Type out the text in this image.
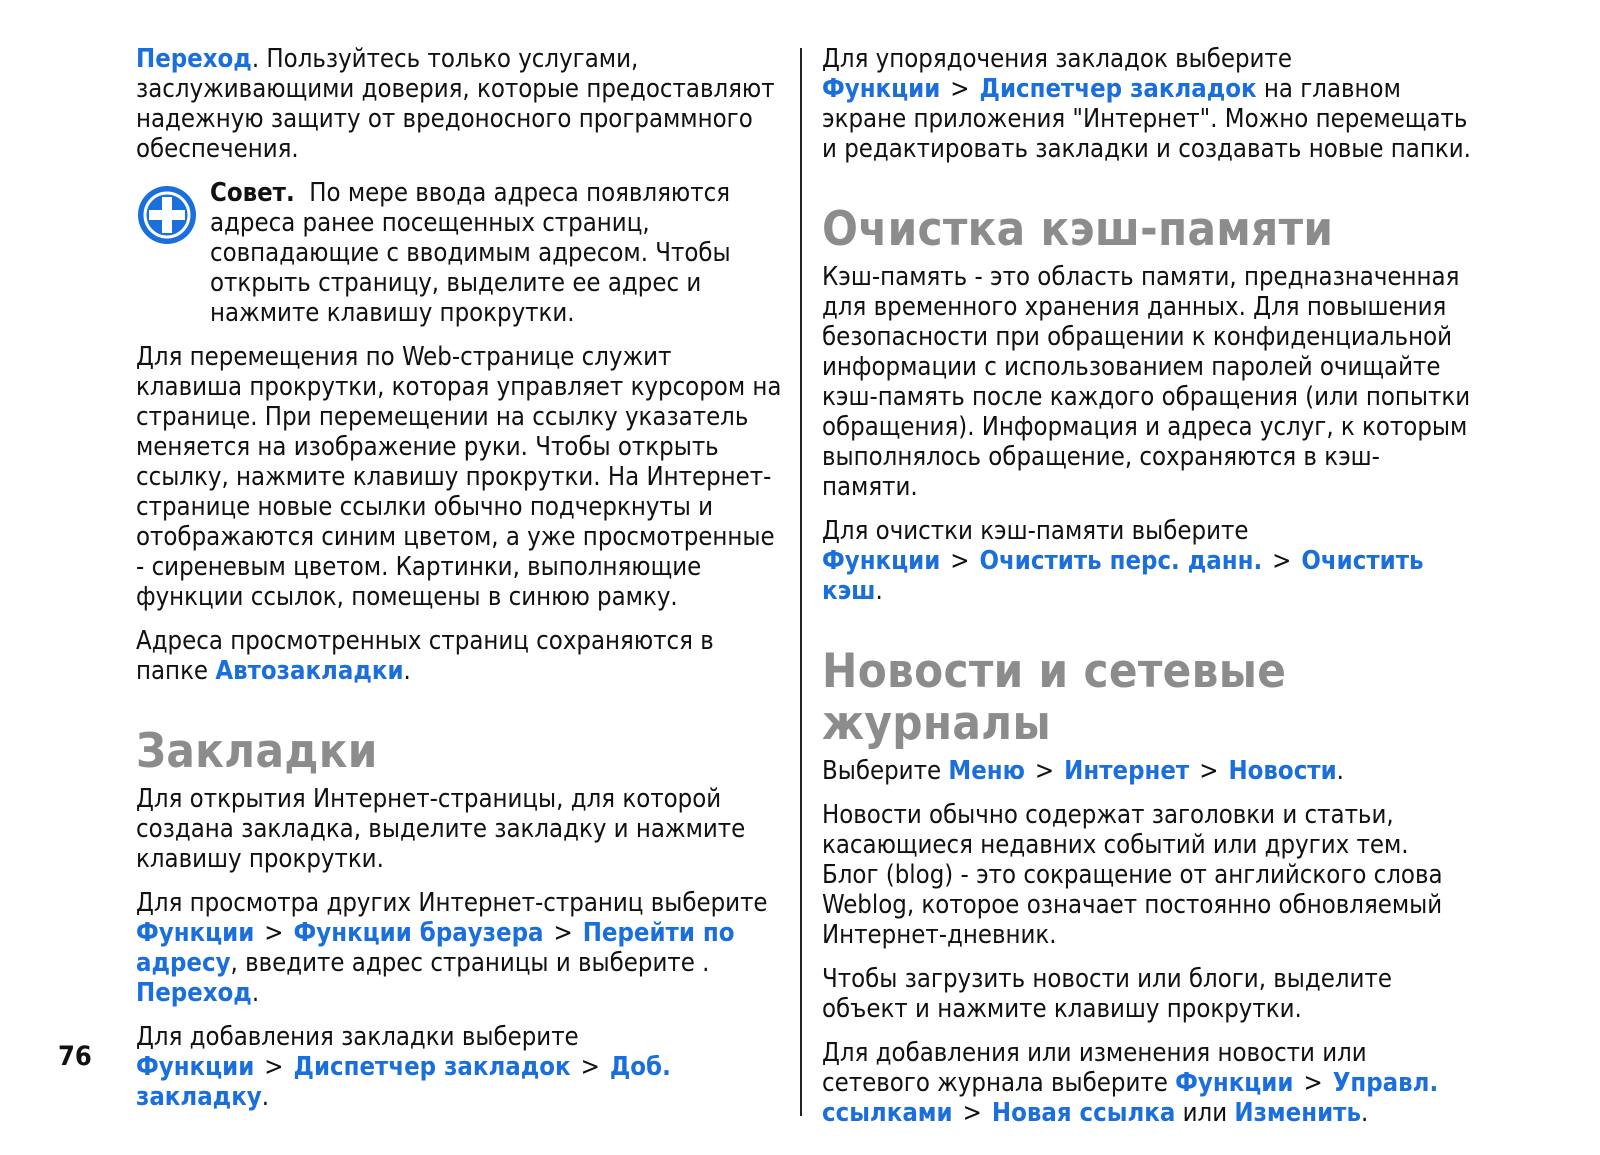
Переход. Пользуйтесь только услугами, заслуживающими доверия, которые предоставляют надежную защиту от вредоносного программного обеспечения.

Совет. По мере ввода адреса появляются адреса ранее посещенных страниц, совпадающие с вводимым адресом. Чтобы открыть страницу, выделите ее адрес и нажмите клавишу прокрутки.

Для перемещения по Web-странице служит клавиша прокрутки, которая управляет курсором на странице. При перемещении на ссылку указатель меняется на изображение руки. Чтобы открыть ссылку, нажмите клавишу прокрутки. На Интернет-странице новые ссылки обычно подчеркнуты и отображаются синим цветом, а уже просмотренные - сиреневым цветом. Картинки, выполняющие функции ссылок, помещены в синюю рамку.

Адреса просмотренных страниц сохраняются в папке Автозакладки.

Закладки

Для открытия Интернет-страницы, для которой создана закладка, выделите закладку и нажмите клавишу прокрутки.

Для просмотра других Интернет-страниц выберите Функции > Функции браузера > Перейти по адресу, введите адрес страницы и выберите . Переход.

Для добавления закладки выберите Функции > Диспетчер закладок > Доб. закладку.

Для упорядочения закладок выберите Функции > Диспетчер закладок на главном экране приложения "Интернет". Можно перемещать и редактировать закладки и создавать новые папки.

Очистка кэш-памяти

Кэш-память - это область памяти, предназначенная для временного хранения данных. Для повышения безопасности при обращении к конфиденциальной информации с использованием паролей очищайте кэш-память после каждого обращения (или попытки обращения). Информация и адреса услуг, к которым выполнялось обращение, сохраняются в кэш-памяти.

Для очистки кэш-памяти выберите Функции > Очистить перс. данн. > Очистить кэш.

Новости и сетевые журналы

Выберите Меню > Интернет > Новости.

Новости обычно содержат заголовки и статьи, касающиеся недавних событий или других тем. Блог (blog) - это сокращение от английского слова Weblog, которое означает постоянно обновляемый Интернет-дневник.

Чтобы загрузить новости или блоги, выделите объект и нажмите клавишу прокрутки.

Для добавления или изменения новости или сетевого журнала выберите Функции > Управл. ссылками > Новая ссылка или Изменить.

76
